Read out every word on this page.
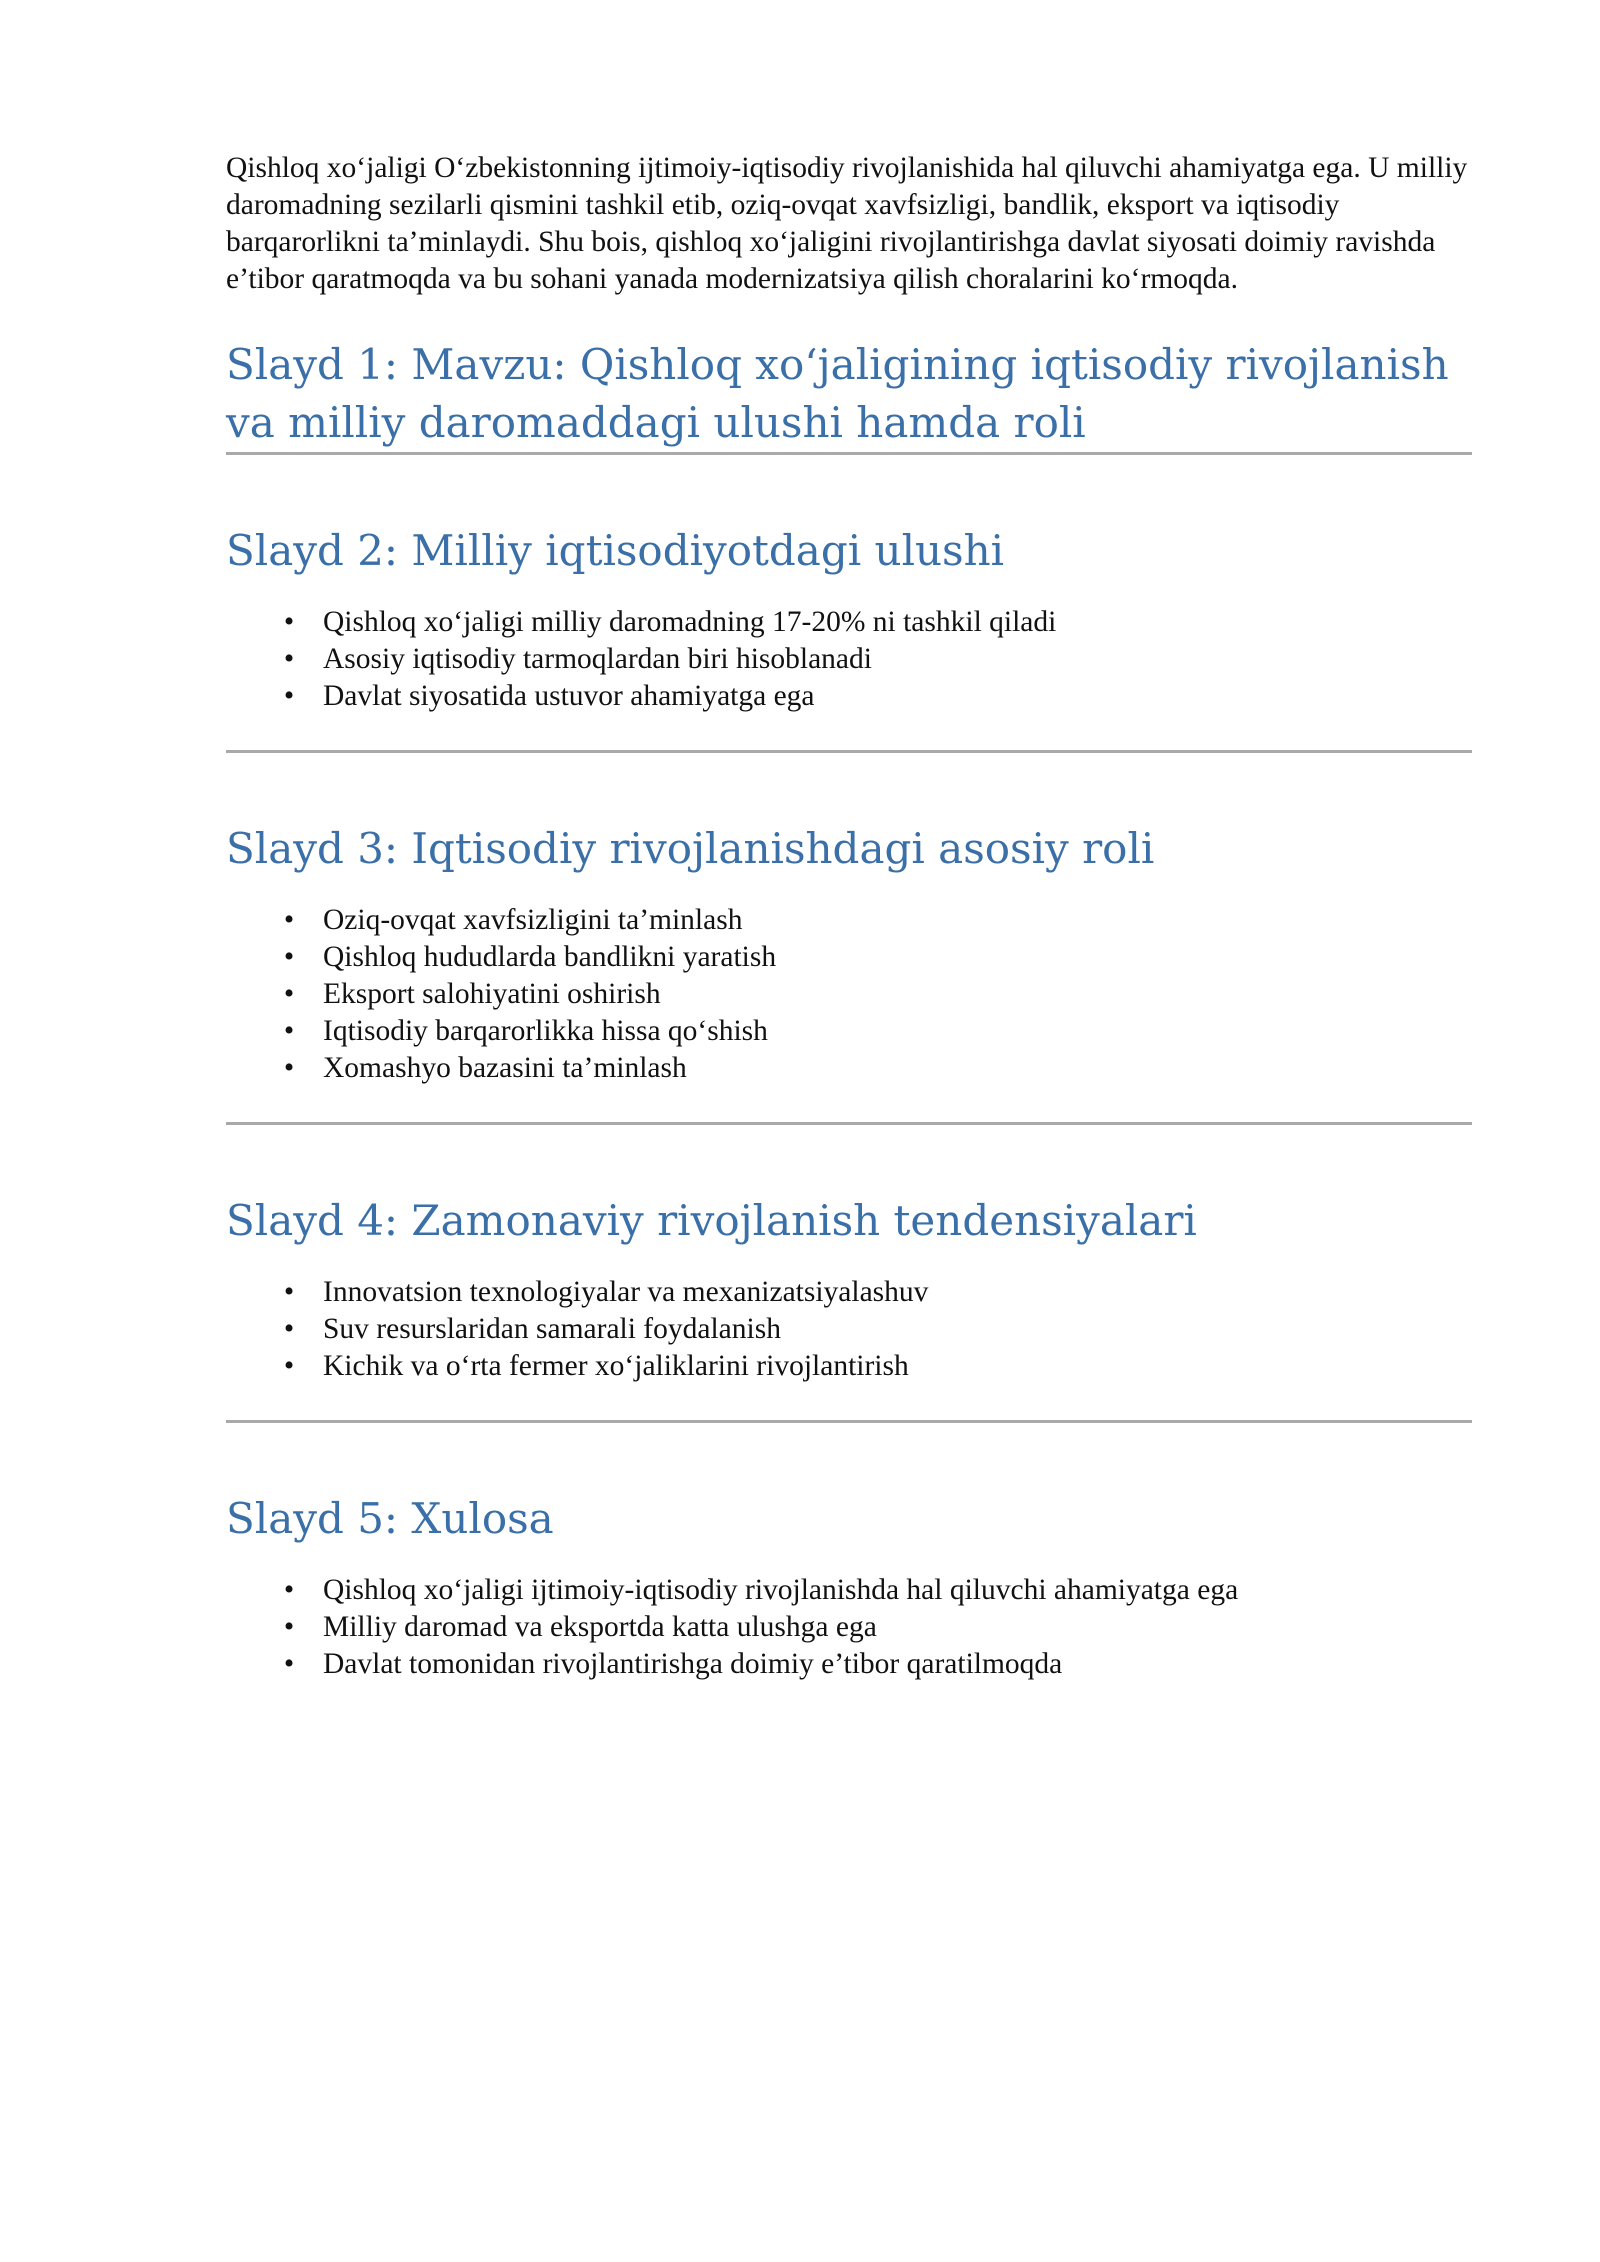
Qishloq xo‘jaligi O‘zbekistonning ijtimoiy-iqtisodiy rivojlanishida hal qiluvchi ahamiyatga ega. U milliy daromadning sezilarli qismini tashkil etib, oziq-ovqat xavfsizligi, bandlik, eksport va iqtisodiy barqarorlikni ta’minlaydi. Shu bois, qishloq xo‘jaligini rivojlantirishga davlat siyosati doimiy ravishda e’tibor qaratmoqda va bu sohani yanada modernizatsiya qilish choralarini ko‘rmoqda.

Slayd 1: Mavzu: Qishloq xo‘jaligining iqtisodiy rivojlanish va milliy daromaddagi ulushi hamda roli
Slayd 2: Milliy iqtisodiyotdagi ulushi
• Qishloq xo‘jaligi milliy daromadning 17-20% ni tashkil qiladi
• Asosiy iqtisodiy tarmoqlardan biri hisoblanadi
• Davlat siyosatida ustuvor ahamiyatga ega
Slayd 3: Iqtisodiy rivojlanishdagi asosiy roli
• Oziq-ovqat xavfsizligini ta’minlash
• Qishloq hududlarda bandlikni yaratish
• Eksport salohiyatini oshirish
• Iqtisodiy barqarorlikka hissa qo‘shish
• Xomashyo bazasini ta’minlash
Slayd 4: Zamonaviy rivojlanish tendensiyalari
• Innovatsion texnologiyalar va mexanizatsiyalashuv
• Suv resurslaridan samarali foydalanish
• Kichik va o‘rta fermer xo‘jaliklarini rivojlantirish
Slayd 5: Xulosa
• Qishloq xo‘jaligi ijtimoiy-iqtisodiy rivojlanishda hal qiluvchi ahamiyatga ega
• Milliy daromad va eksportda katta ulushga ega
• Davlat tomonidan rivojlantirishga doimiy e’tibor qaratilmoqda
